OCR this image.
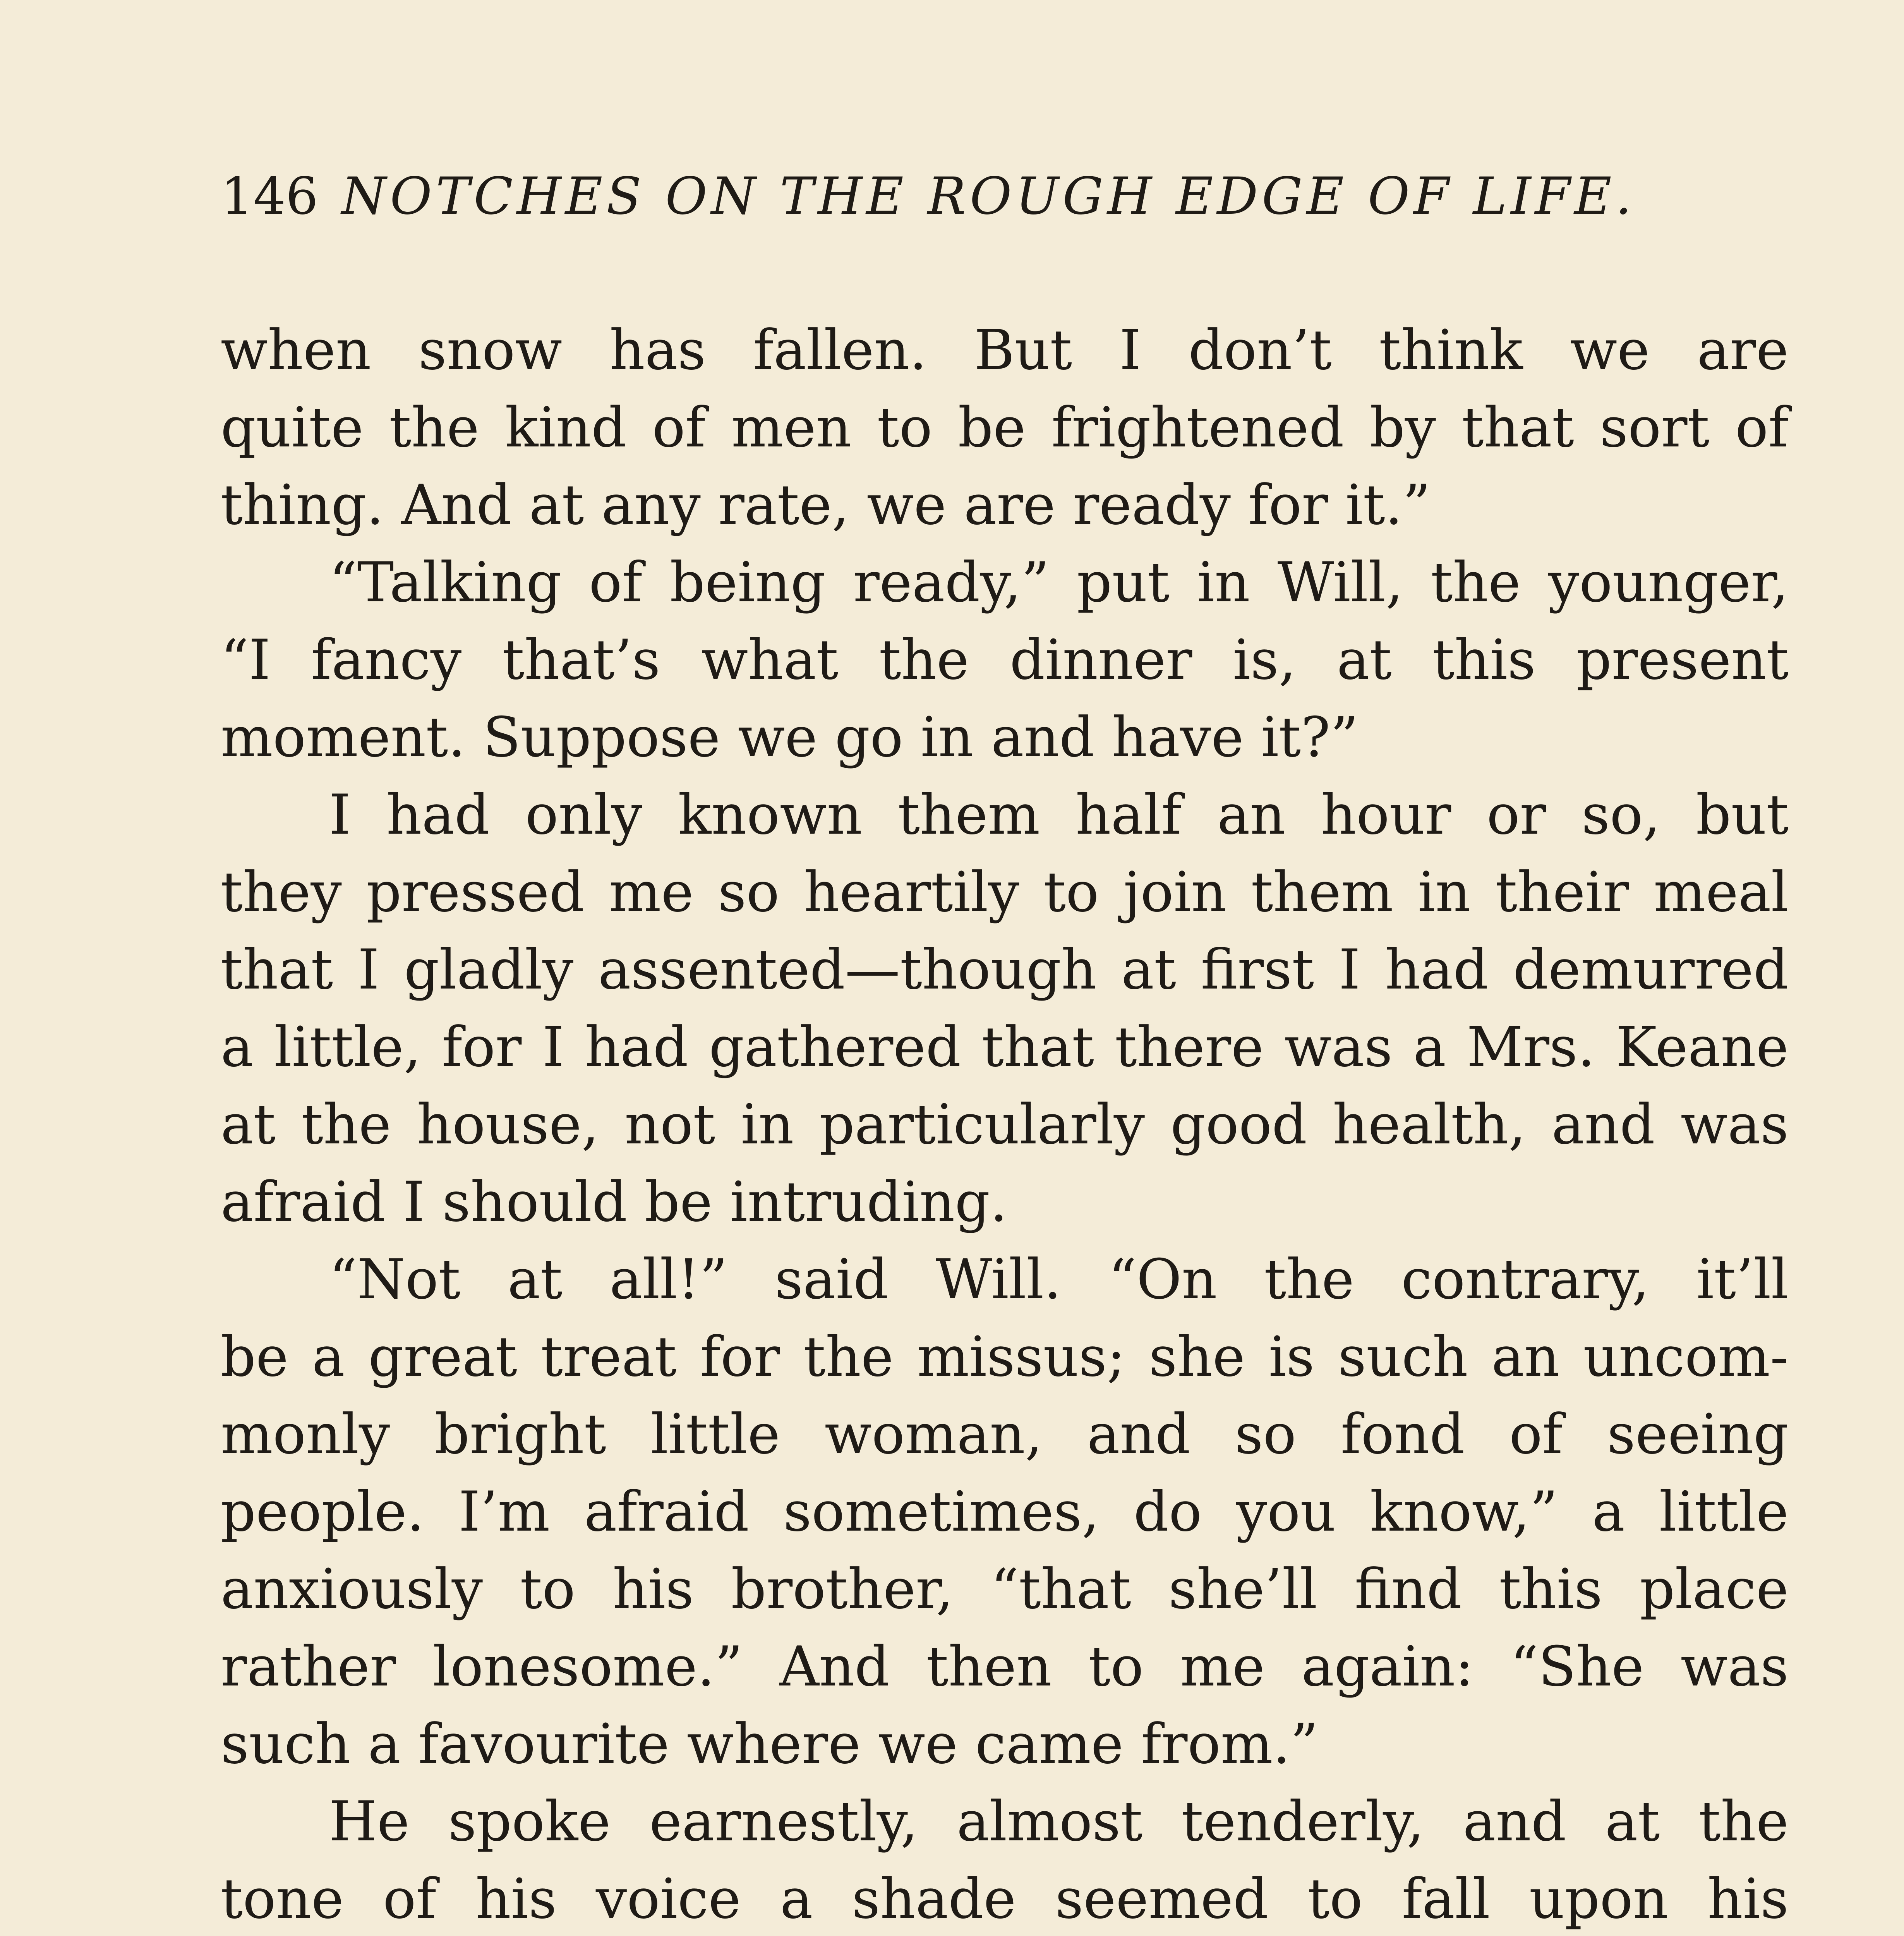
146 NOTCHES ON THE ROUGH EDGE OF LIFE.
when snow has fallen. But I don’t think we are
quite the kind of men to be frightened by that sort of
thing. And at any rate, we are ready for it.”
“Talking of being ready,” put in Will, the younger,
“I fancy that’s what the dinner is, at this present
moment. Suppose we go in and have it?”
I had only known them half an hour or so, but
they pressed me so heartily to join them in their meal
that I gladly assented—though at first I had demurred
a little, for I had gathered that there was a Mrs. Keane
at the house, not in particularly good health, and was
afraid I should be intruding.
“Not at all!” said Will. “On the contrary, it’ll
be a great treat for the missus; she is such an uncom-
monly bright little woman, and so fond of seeing
people. I’m afraid sometimes, do you know,” a little
anxiously to his brother, “that she’ll find this place
rather lonesome.” And then to me again: “She was
such a favourite where we came from.”
He spoke earnestly, almost tenderly, and at the
tone of his voice a shade seemed to fall upon his
